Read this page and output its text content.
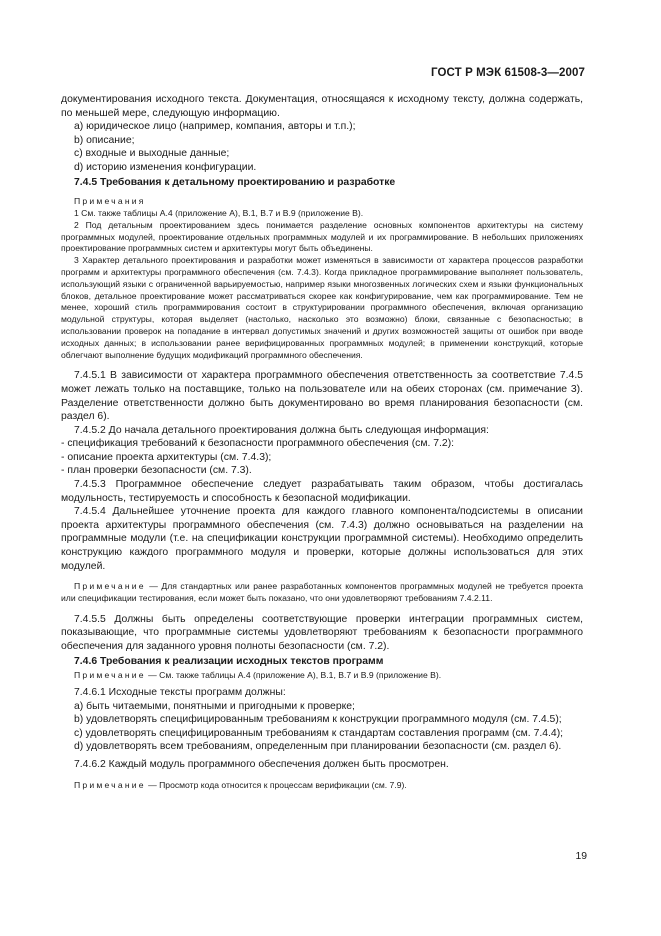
ГОСТ Р МЭК 61508-3—2007

документирования исходного текста. Документация, относящаяся к исходному тексту, должна содержать, по меньшей мере, следующую информацию.

a) юридическое лицо (например, компания, авторы и т.п.);

b) описание;

c) входные и выходные данные;

d) историю изменения конфигурации.

7.4.5 Требования к детальному проектированию и разработке

Примечания

1 См. также таблицы А.4 (приложение А), В.1, В.7 и В.9 (приложение В).

2 Под детальным проектированием здесь понимается разделение основных компонентов архитектуры на систему программных модулей, проектирование отдельных программных модулей и их программирование. В небольших приложениях проектирование программных систем и архитектуры могут быть объединены.

3 Характер детального проектирования и разработки может изменяться в зависимости от характера процессов разработки программ и архитектуры программного обеспечения (см. 7.4.3). Когда прикладное программирование выполняет пользователь, использующий языки с ограниченной варьируемостью, например языки многозвенных логических схем и языки функциональных блоков, детальное проектирование может рассматриваться скорее как конфигурирование, чем как программирование. Тем не менее, хороший стиль программирования состоит в структурировании программного обеспечения, включая организацию модульной структуры, которая выделяет (настолько, насколько это возможно) блоки, связанные с безопасностью; в использовании проверок на попадание в интервал допустимых значений и других возможностей защиты от ошибок при вводе исходных данных; в использовании ранее верифицированных программных модулей; в применении конструкций, которые облегчают выполнение будущих модификаций программного обеспечения.

7.4.5.1 В зависимости от характера программного обеспечения ответственность за соответствие 7.4.5 может лежать только на поставщике, только на пользователе или на обеих сторонах (см. примечание 3). Разделение ответственности должно быть документировано во время планирования безопасности (см. раздел 6).

7.4.5.2 До начала детального проектирования должна быть следующая информация:

- спецификация требований к безопасности программного обеспечения (см. 7.2):

- описание проекта архитектуры (см. 7.4.3);

- план проверки безопасности (см. 7.3).

7.4.5.3 Программное обеспечение следует разрабатывать таким образом, чтобы достигалась модульность, тестируемость и способность к безопасной модификации.

7.4.5.4 Дальнейшее уточнение проекта для каждого главного компонента/подсистемы в описании проекта архитектуры программного обеспечения (см. 7.4.3) должно основываться на разделении на программные модули (т.е. на спецификации конструкции программной системы). Необходимо определить конструкцию каждого программного модуля и проверки, которые должны использоваться для этих модулей.

Примечание — Для стандартных или ранее разработанных компонентов программных модулей не требуется проекта или спецификации тестирования, если может быть показано, что они удовлетворяют требованиям 7.4.2.11.

7.4.5.5 Должны быть определены соответствующие проверки интеграции программных систем, показывающие, что программные системы удовлетворяют требованиям к безопасности программного обеспечения для заданного уровня полноты безопасности (см. 7.2).

7.4.6 Требования к реализации исходных текстов программ

Примечание — См. также таблицы А.4 (приложение А), В.1, В.7 и В.9 (приложение В).

7.4.6.1 Исходные тексты программ должны:

a) быть читаемыми, понятными и пригодными к проверке;

b) удовлетворять специфицированным требованиям к конструкции программного модуля (см. 7.4.5);

c) удовлетворять специфицированным требованиям к стандартам составления программ (см. 7.4.4);

d) удовлетворять всем требованиям, определенным при планировании безопасности (см. раздел 6).

7.4.6.2 Каждый модуль программного обеспечения должен быть просмотрен.

Примечание — Просмотр кода относится к процессам верификации (см. 7.9).

19
